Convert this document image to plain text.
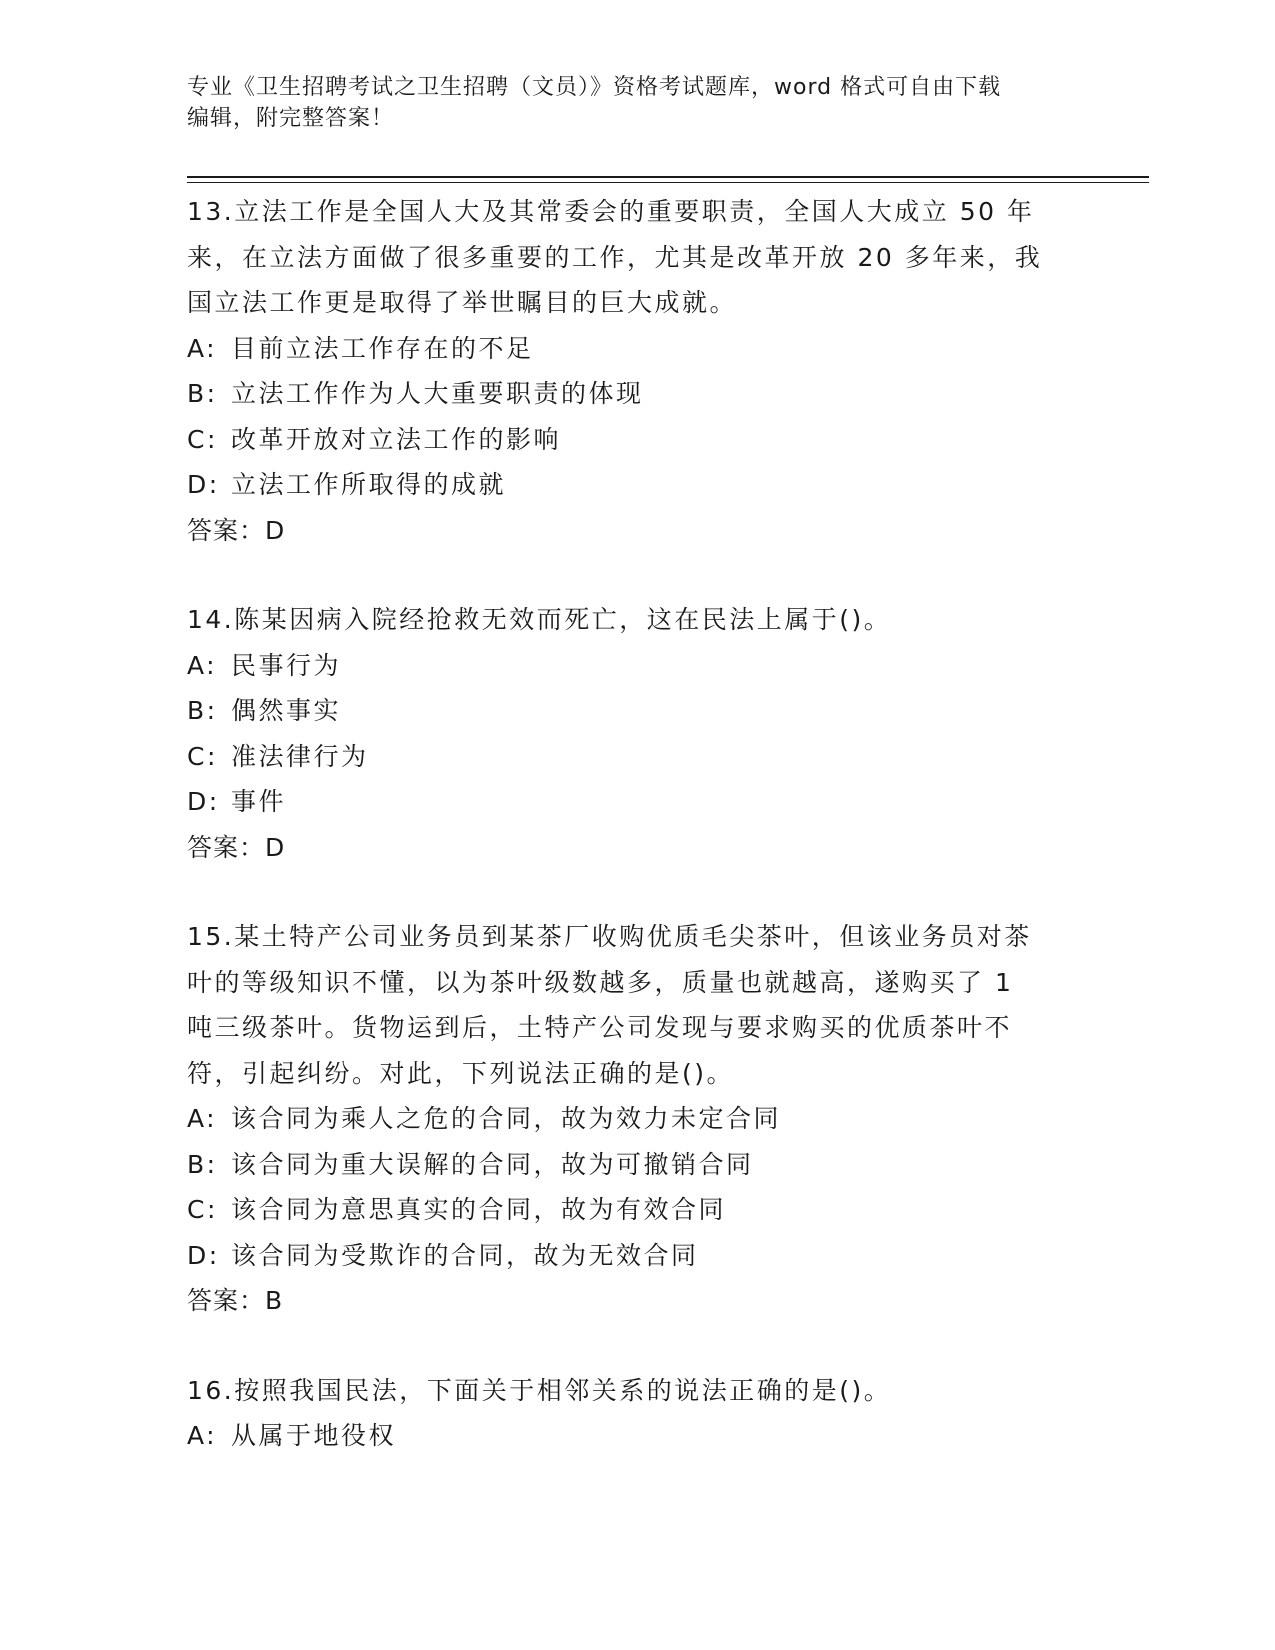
专业《卫生招聘考试之卫生招聘（文员）》资格考试题库，word 格式可自由下载
编辑，附完整答案！

13.立法工作是全国人大及其常委会的重要职责，全国人大成立 50 年

来，在立法方面做了很多重要的工作，尤其是改革开放 20 多年来，我

国立法工作更是取得了举世瞩目的巨大成就。

A: 目前立法工作存在的不足

B: 立法工作作为人大重要职责的体现

C: 改革开放对立法工作的影响

D: 立法工作所取得的成就

答案：D

14.陈某因病入院经抢救无效而死亡，这在民法上属于()。

A: 民事行为

B: 偶然事实

C: 准法律行为

D: 事件

答案：D

15.某土特产公司业务员到某茶厂收购优质毛尖茶叶，但该业务员对茶

叶的等级知识不懂，以为茶叶级数越多，质量也就越高，遂购买了 1

吨三级茶叶。货物运到后，土特产公司发现与要求购买的优质茶叶不

符，引起纠纷。对此，下列说法正确的是()。

A: 该合同为乘人之危的合同，故为效力未定合同

B: 该合同为重大误解的合同，故为可撤销合同

C: 该合同为意思真实的合同，故为有效合同

D: 该合同为受欺诈的合同，故为无效合同

答案：B

16.按照我国民法，下面关于相邻关系的说法正确的是()。

A: 从属于地役权
